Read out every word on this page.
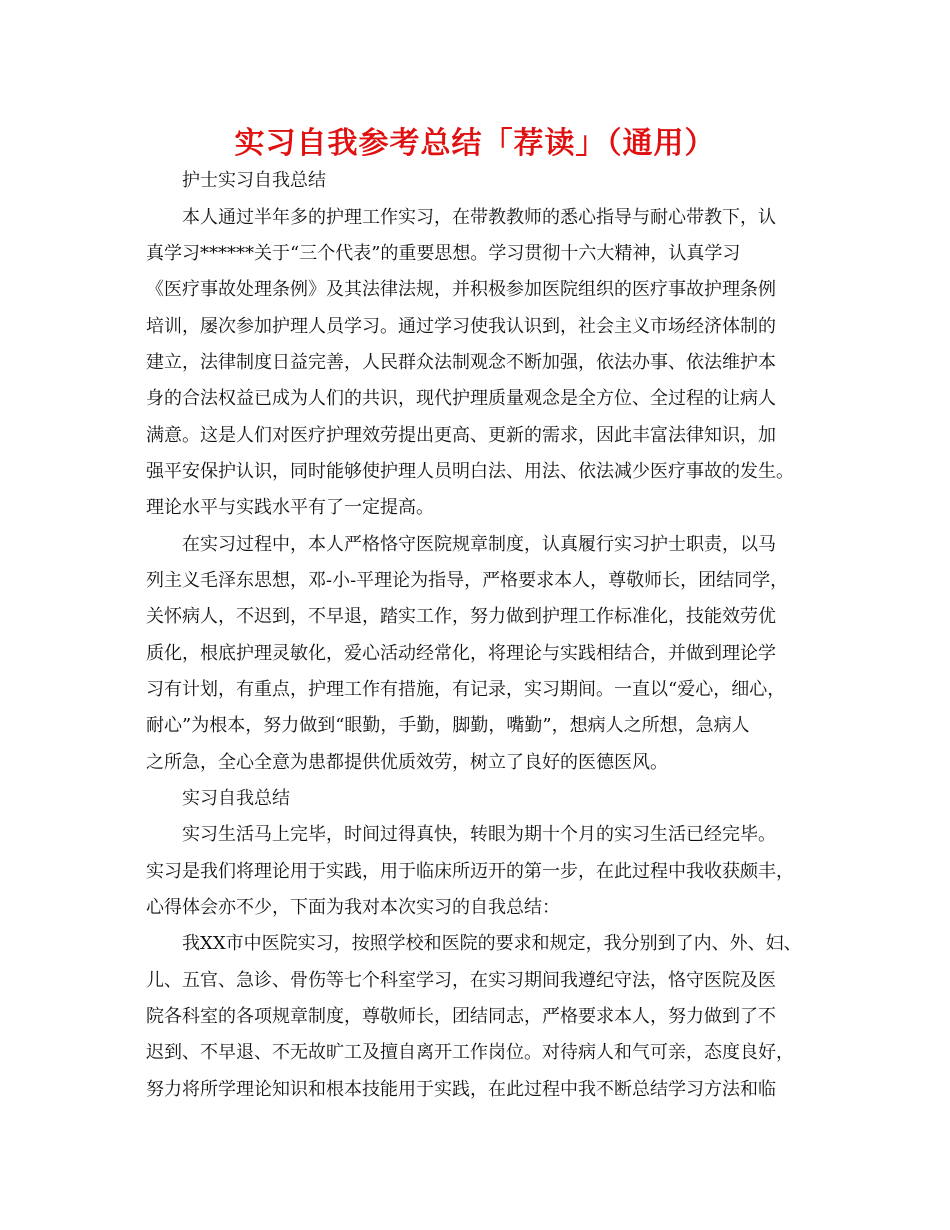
实习自我参考总结「荐读」（通用）

护士实习自我总结

本人通过半年多的护理工作实习，在带教教师的悉心指导与耐心带教下，认

真学习******关于“三个代表”的重要思想。学习贯彻十六大精神，认真学习

《医疗事故处理条例》及其法律法规，并积极参加医院组织的医疗事故护理条例

培训，屡次参加护理人员学习。通过学习使我认识到，社会主义市场经济体制的

建立，法律制度日益完善，人民群众法制观念不断加强，依法办事、依法维护本

身的合法权益已成为人们的共识，现代护理质量观念是全方位、全过程的让病人

满意。这是人们对医疗护理效劳提出更高、更新的需求，因此丰富法律知识，加

强平安保护认识，同时能够使护理人员明白法、用法、依法减少医疗事故的发生。

理论水平与实践水平有了一定提高。

在实习过程中，本人严格恪守医院规章制度，认真履行实习护士职责，以马

列主义毛泽东思想，邓-小-平理论为指导，严格要求本人，尊敬师长，团结同学，

关怀病人，不迟到，不早退，踏实工作，努力做到护理工作标准化，技能效劳优

质化，根底护理灵敏化，爱心活动经常化，将理论与实践相结合，并做到理论学

习有计划，有重点，护理工作有措施，有记录，实习期间。一直以“爱心，细心，

耐心”为根本，努力做到“眼勤，手勤，脚勤，嘴勤”，想病人之所想，急病人

之所急，全心全意为患都提供优质效劳，树立了良好的医德医风。

实习自我总结

实习生活马上完毕，时间过得真快，转眼为期十个月的实习生活已经完毕。

实习是我们将理论用于实践，用于临床所迈开的第一步，在此过程中我收获颇丰，

心得体会亦不少，下面为我对本次实习的自我总结：

我XX市中医院实习，按照学校和医院的要求和规定，我分别到了内、外、妇、

儿、五官、急诊、骨伤等七个科室学习，在实习期间我遵纪守法，恪守医院及医

院各科室的各项规章制度，尊敬师长，团结同志，严格要求本人，努力做到了不

迟到、不早退、不无故旷工及擅自离开工作岗位。对待病人和气可亲，态度良好，

努力将所学理论知识和根本技能用于实践，在此过程中我不断总结学习方法和临
